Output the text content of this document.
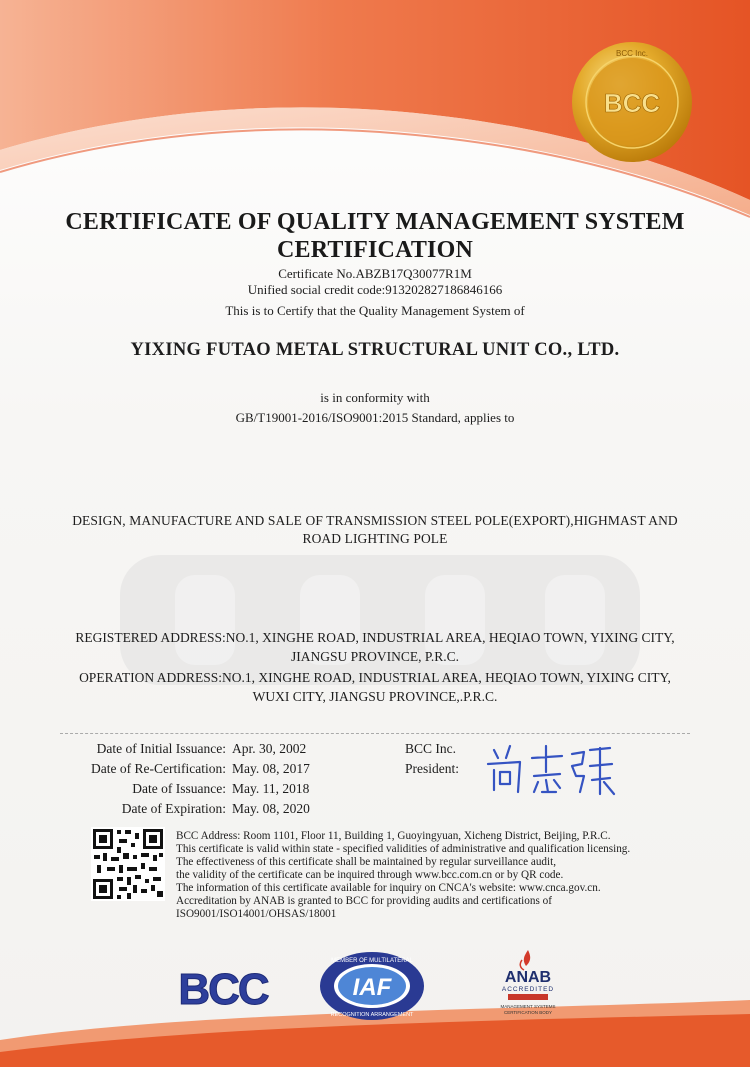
BCC Inc.
BCC
CERTIFICATE OF QUALITY MANAGEMENT SYSTEM
CERTIFICATION
Certificate No.ABZB17Q30077R1M
Unified social credit code:913202827186846166
This is to Certify that the Quality Management System of
YIXING FUTAO METAL STRUCTURAL UNIT CO., LTD.
is in conformity with
GB/T19001-2016/ISO9001:2015 Standard, applies to
DESIGN, MANUFACTURE AND SALE OF TRANSMISSION STEEL POLE(EXPORT),HIGHMAST AND
ROAD LIGHTING POLE
REGISTERED ADDRESS:NO.1, XINGHE ROAD, INDUSTRIAL AREA, HEQIAO TOWN, YIXING CITY,
JIANGSU PROVINCE, P.R.C.
OPERATION ADDRESS:NO.1, XINGHE ROAD, INDUSTRIAL AREA, HEQIAO TOWN, YIXING CITY,
WUXI CITY, JIANGSU PROVINCE,.P.R.C.
Date of Initial Issuance: Apr. 30, 2002
Date of Re-Certification: May. 08, 2017
Date of Issuance: May. 11, 2018
Date of Expiration: May. 08, 2020
BCC Inc.
President:
BCC Address: Room 1101, Floor 11, Building 1, Guoyingyuan, Xicheng District, Beijing, P.R.C.
This certificate is valid within state - specified validities of administrative and qualification licensing.
The effectiveness of this certificate shall be maintained by regular surveillance audit,
the validity of the certificate can be inquired through www.bcc.com.cn or by QR code.
The information of this certificate available for inquiry on CNCA's website: www.cnca.gov.cn.
Accreditation by ANAB is granted to BCC for providing audits and certifications of
ISO9001/ISO14001/OHSAS/18001
BCC
MEMBER OF MULTILATERAL
IAF
RECOGNITION ARRANGEMENT
ANAB
ACCREDITED
MANAGEMENT SYSTEMS
CERTIFICATION BODY
